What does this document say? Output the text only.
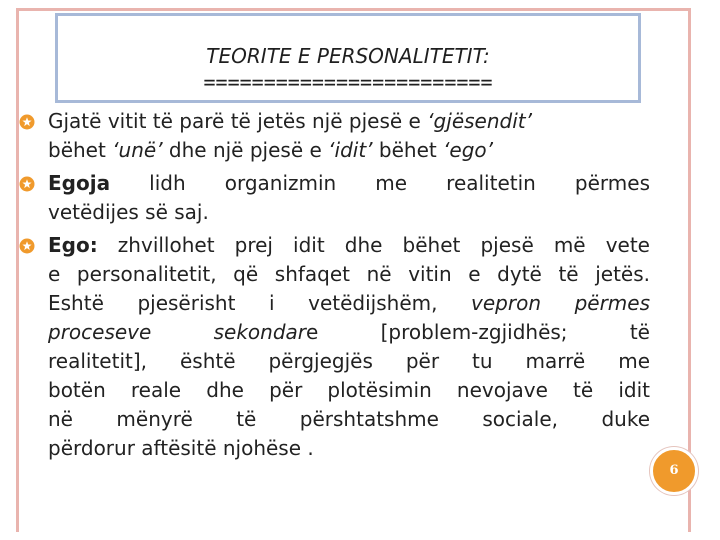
TEORITE E PERSONALITETIT:
========================
Gjatë vitit të parë të jetës një pjesë e ‘gjësendit’
bëhet ‘unë’ dhe një pjesë e ‘idit’ bëhet ‘ego’
Egoja lidh organizmin me realitetin përmes
vetëdijes së saj.
Ego: zhvillohet prej idit dhe bëhet pjesë më vete
e personalitetit, që shfaqet në vitin e dytë të jetës.
Eshtë pjesërisht i vetëdijshëm, vepron përmes
proceseve sekondare [problem-zgjidhës; të
realitetit], është përgjegjës për tu marrë me
botën reale dhe për plotësimin nevojave të idit
në mënyrë të përshtatshme sociale, duke
përdorur aftësitë njohëse .
6
